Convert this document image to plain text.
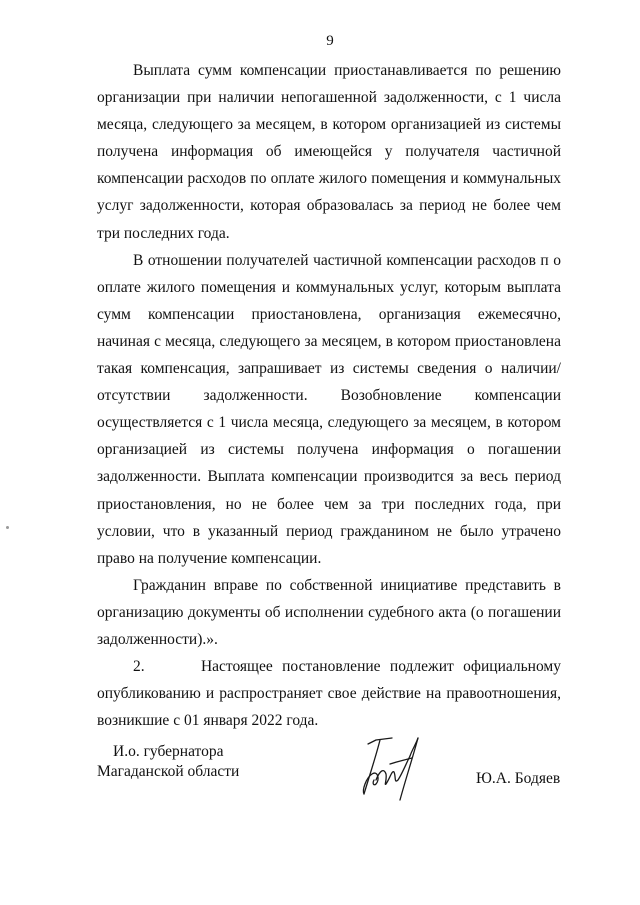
9

Выплата сумм компенсации приостанавливается по решению организации при наличии непогашенной задолженности, с 1 числа месяца, следующего за месяцем, в котором организацией из системы получена информация об имеющейся у получателя частичной компенсации расходов по оплате жилого помещения и коммунальных услуг задолженности, которая образовалась за период не более чем три последних года.

В отношении получателей частичной компенсации расходов п о оплате жилого помещения и коммунальных услуг, которым выплата сумм компенсации приостановлена, организация ежемесячно, начиная с месяца, следующего за месяцем, в котором приостановлена такая компенсация, запрашивает из системы сведения о наличии/отсутствии задолженности. Возобновление компенсации осуществляется с 1 числа месяца, следующего за месяцем, в котором организацией из системы получена информация о погашении задолженности. Выплата компенсации производится за весь период приостановления, но не более чем за три последних года, при условии, что в указанный период гражданином не было утрачено право на получение компенсации.

Гражданин вправе по собственной инициативе представить в организацию документы об исполнении судебного акта (о погашении задолженности).».

2.      Настоящее постановление подлежит официальному опубликованию и распространяет свое действие на правоотношения, возникшие с 01 января 2022 года.

И.о. губернатора
Магаданской области	Ю.А. Бодяев
